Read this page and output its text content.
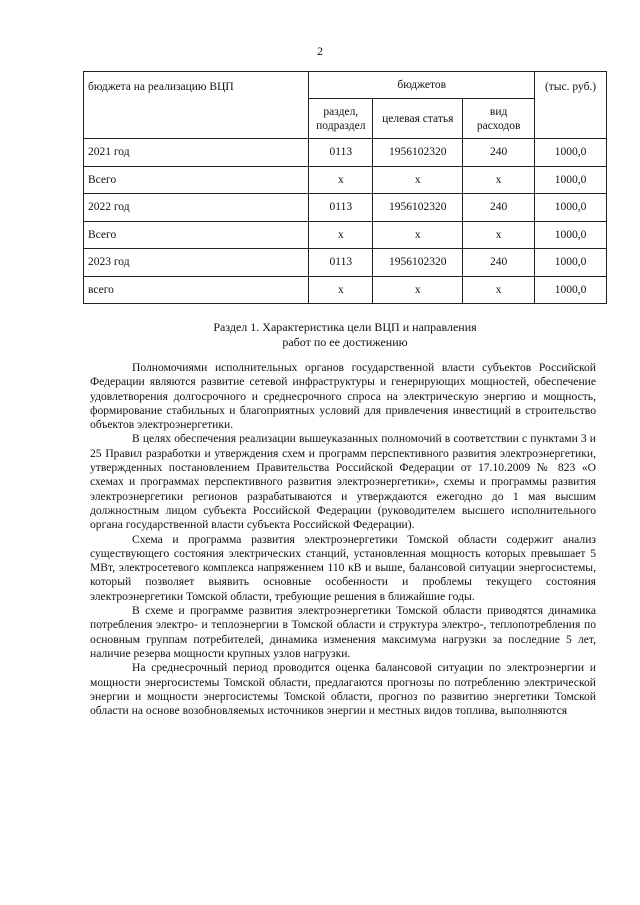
2
бюджета на реализацию ВЦП	бюджетов			(тыс. руб.)
	раздел, подраздел	целевая статья	вид расходов	
2021 год	0113	1956102320	240	1000,0
Всего	х	х	х	1000,0
2022 год	0113	1956102320	240	1000,0
Всего	х	х	х	1000,0
2023 год	0113	1956102320	240	1000,0
всего	х	х	х	1000,0
Раздел 1. Характеристика цели ВЦП и направления
работ по ее достижению

Полномочиями исполнительных органов государственной власти субъектов Российской Федерации являются развитие сетевой инфраструктуры и генерирующих мощностей, обеспечение удовлетворения долгосрочного и среднесрочного спроса на электрическую энергию и мощность, формирование стабильных и благоприятных условий для привлечения инвестиций в строительство объектов электроэнергетики.

В целях обеспечения реализации вышеуказанных полномочий в соответствии с пунктами 3 и 25 Правил разработки и утверждения схем и программ перспективного развития электроэнергетики, утвержденных постановлением Правительства Российской Федерации от 17.10.2009 № 823 «О схемах и программах перспективного развития электроэнергетики», схемы и программы развития электроэнергетики регионов разрабатываются и утверждаются ежегодно до 1 мая высшим должностным лицом субъекта Российской Федерации (руководителем высшего исполнительного органа государственной власти субъекта Российской Федерации).

Схема и программа развития электроэнергетики Томской области содержит анализ существующего состояния электрических станций, установленная мощность которых превышает 5 МВт, электросетевого комплекса напряжением 110 кВ и выше, балансовой ситуации энергосистемы, который позволяет выявить основные особенности и проблемы текущего состояния электроэнергетики Томской области, требующие решения в ближайшие годы.

В схеме и программе развития электроэнергетики Томской области приводятся динамика потребления электро- и теплоэнергии в Томской области и структура электро-, теплопотребления по основным группам потребителей, динамика изменения максимума нагрузки за последние 5 лет, наличие резерва мощности крупных узлов нагрузки.

На среднесрочный период проводится оценка балансовой ситуации по электроэнергии и мощности энергосистемы Томской области, предлагаются прогнозы по потреблению электрической энергии и мощности энергосистемы Томской области, прогноз по развитию энергетики Томской области на основе возобновляемых источников энергии и местных видов топлива, выполняются
